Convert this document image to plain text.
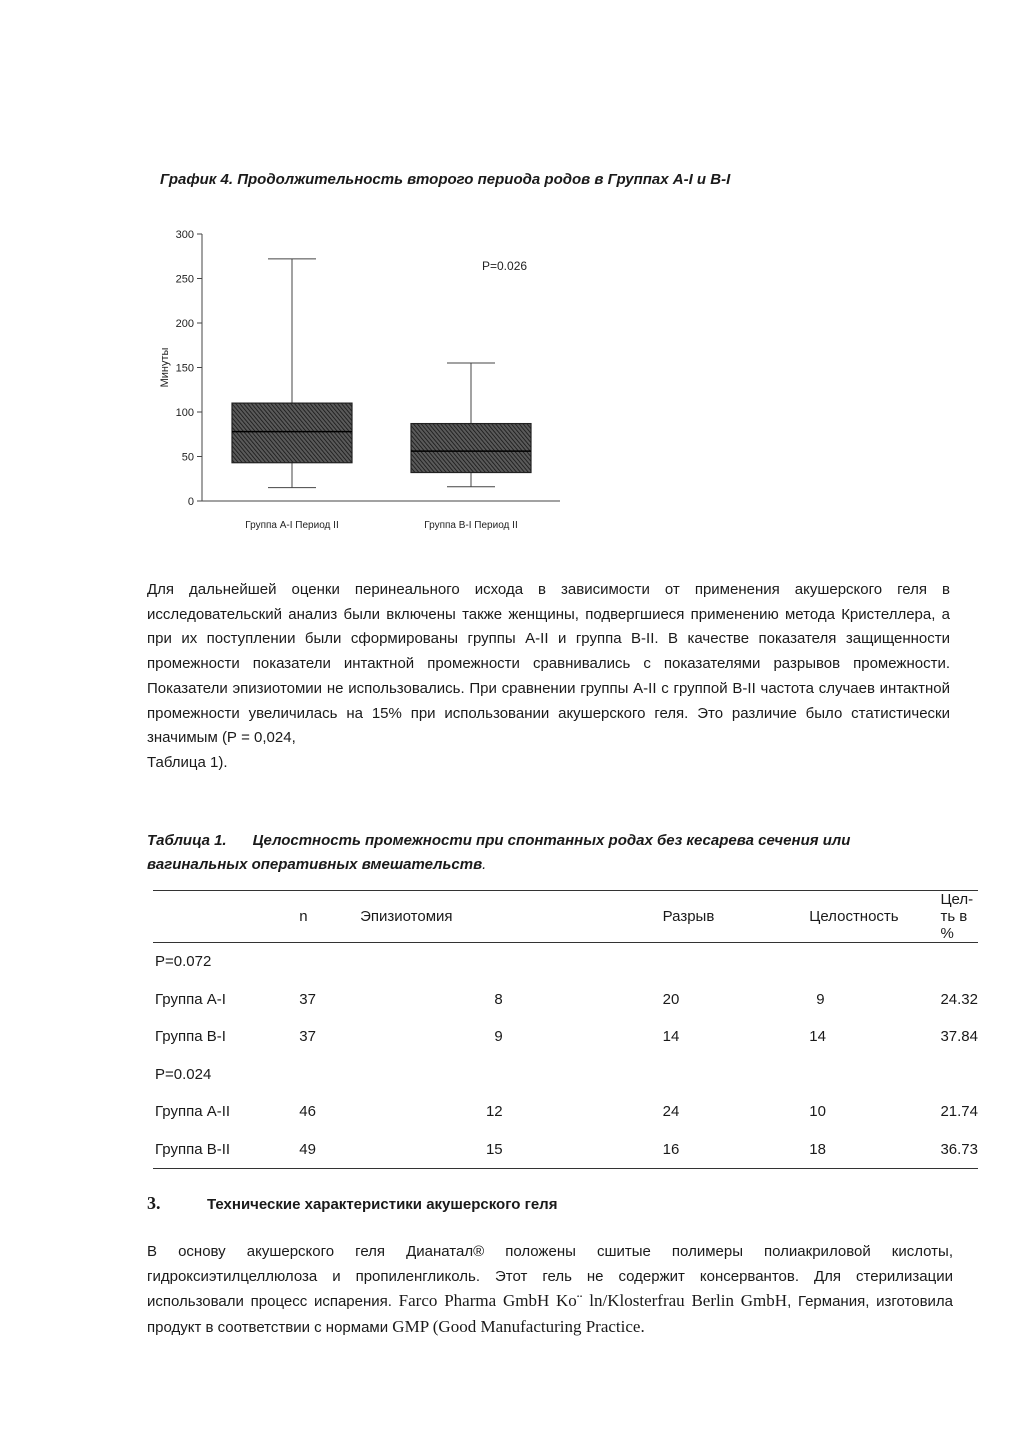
График 4. Продолжительность второго периода родов в Группах А-I и В-I
0
50
100
150
200
250
300
Минуты
Группа A-I Период II	Группа B-I Период II
P=0.026
Для дальнейшей оценки перинеального исхода в зависимости от применения акушерского геля в исследовательский анализ были включены также женщины, подвергшиеся применению метода Кристеллера, а при их поступлении были сформированы группы А-II и группа В-II. В качестве показателя защищенности промежности показатели интактной промежности сравнивались с показателями разрывов промежности. Показатели эпизиотомии не использовались. При сравнении группы А-II с группой В-II частота случаев интактной промежности увеличилась на 15% при использовании акушерского геля. Это различие было статистически значимым (Р = 0,024,
Таблица 1).
Таблица 1. Целостность промежности при спонтанных родах без кесарева сечения или вагинальных оперативных вмешательств.
	n	Эпизиотомия	Разрыв	Целостность	Цел-ть в %
P=0.072					
Группа А-I	37	8	20	9	24.32
Группа В-I	37	9	14	14	37.84
P=0.024					
Группа А-II	46	12	24	10	21.74
Группа В-II	49	15	16	18	36.73
3.	Технические характеристики акушерского геля
В основу акушерского геля Дианатал® положены сшитые полимеры полиакриловой кислоты, гидроксиэтилцеллюлоза и пропиленгликоль. Этот гель не содержит консервантов. Для стерилизации использовали процесс испарения. Farco Pharma GmbH Ko¨ ln/Klosterfrau Berlin GmbH, Германия, изготовила продукт в соответствии с нормами GMP (Good Manufacturing Practice.
